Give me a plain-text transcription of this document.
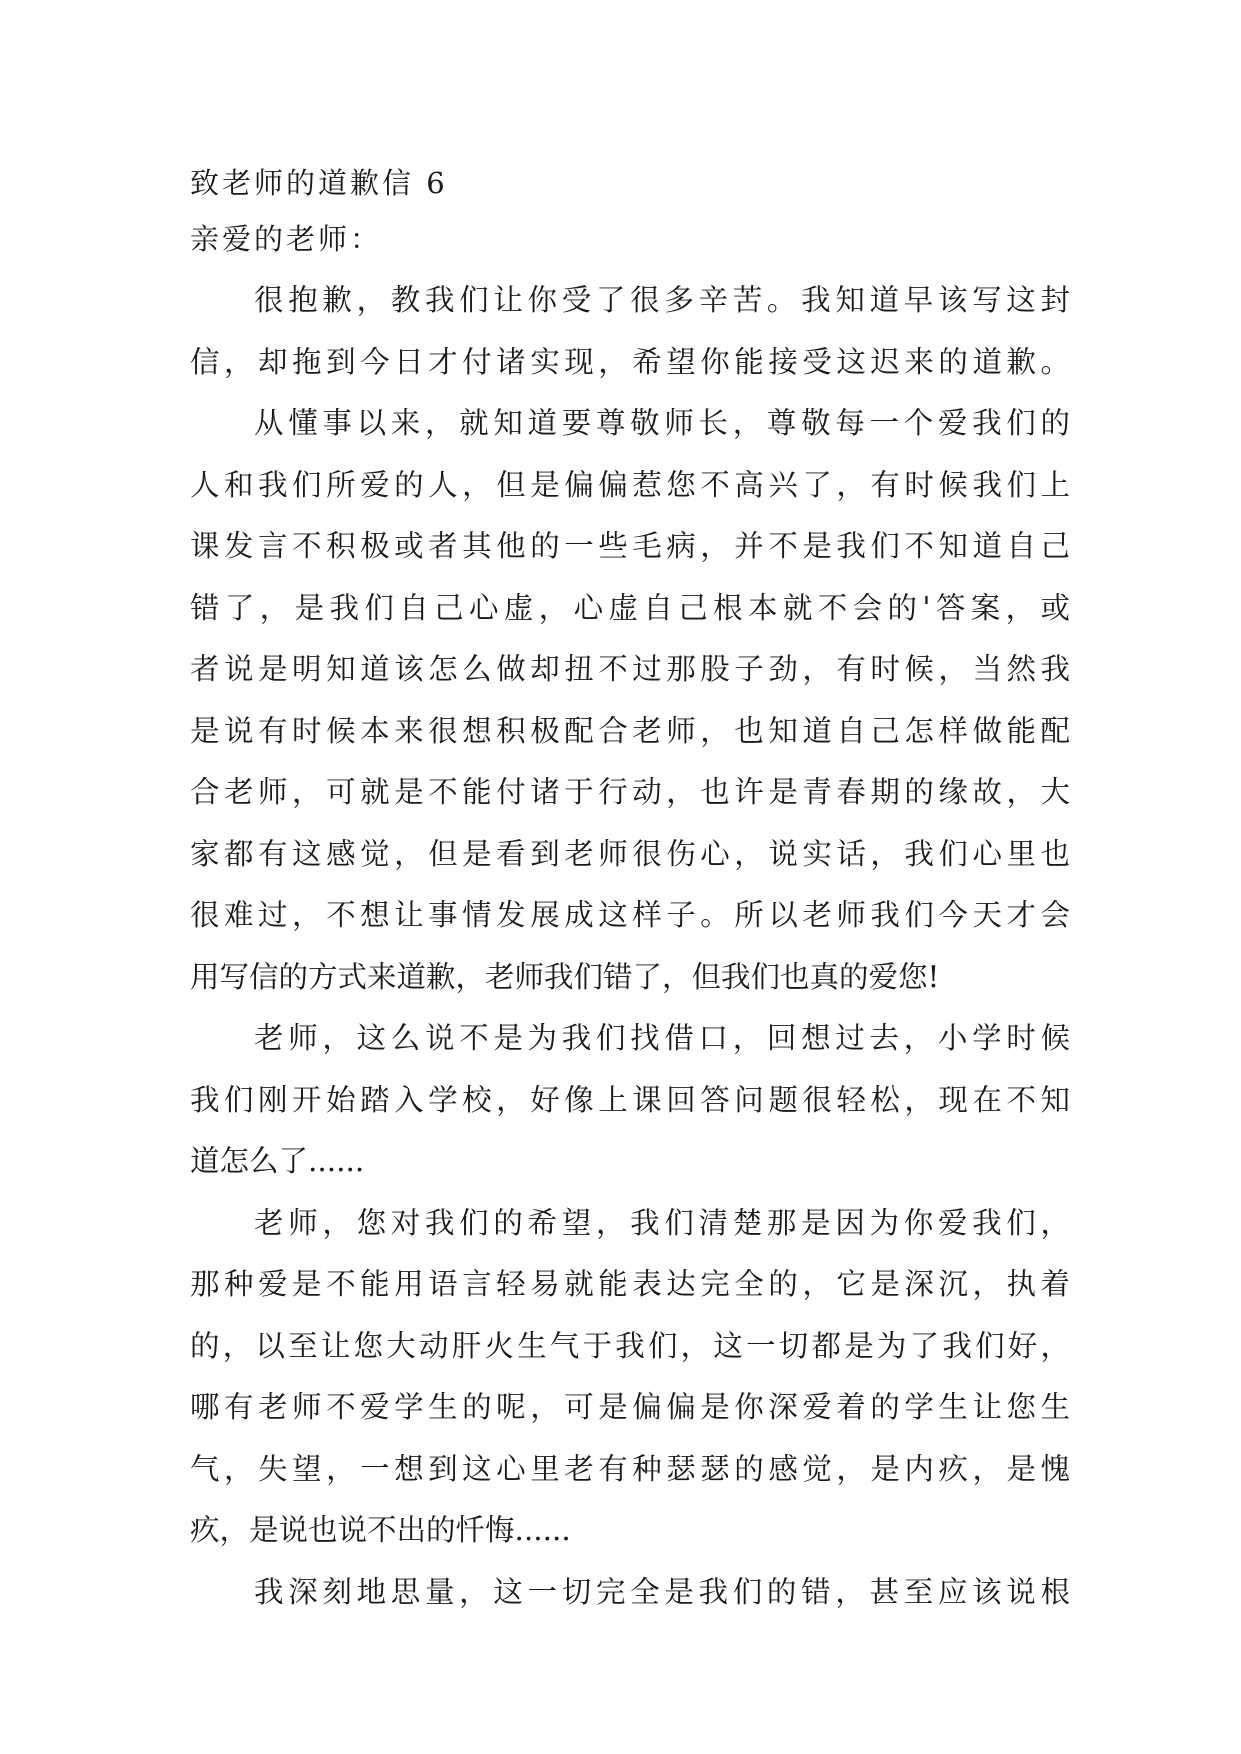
致老师的道歉信 6
亲爱的老师：
很抱歉，教我们让你受了很多辛苦。我知道早该写这封
信，却拖到今日才付诸实现，希望你能接受这迟来的道歉。
从懂事以来，就知道要尊敬师长，尊敬每一个爱我们的
人和我们所爱的人，但是偏偏惹您不高兴了，有时候我们上
课发言不积极或者其他的一些毛病，并不是我们不知道自己
错了，是我们自己心虚，心虚自己根本就不会的'答案，或
者说是明知道该怎么做却扭不过那股子劲，有时候，当然我
是说有时候本来很想积极配合老师，也知道自己怎样做能配
合老师，可就是不能付诸于行动，也许是青春期的缘故，大
家都有这感觉，但是看到老师很伤心，说实话，我们心里也
很难过，不想让事情发展成这样子。所以老师我们今天才会
用写信的方式来道歉，老师我们错了，但我们也真的爱您!
老师，这么说不是为我们找借口，回想过去，小学时候
我们刚开始踏入学校，好像上课回答问题很轻松，现在不知
道怎么了......
老师，您对我们的希望，我们清楚那是因为你爱我们，
那种爱是不能用语言轻易就能表达完全的，它是深沉，执着
的，以至让您大动肝火生气于我们，这一切都是为了我们好，
哪有老师不爱学生的呢，可是偏偏是你深爱着的学生让您生
气，失望，一想到这心里老有种瑟瑟的感觉，是内疚，是愧
疚，是说也说不出的忏悔......
我深刻地思量，这一切完全是我们的错，甚至应该说根
